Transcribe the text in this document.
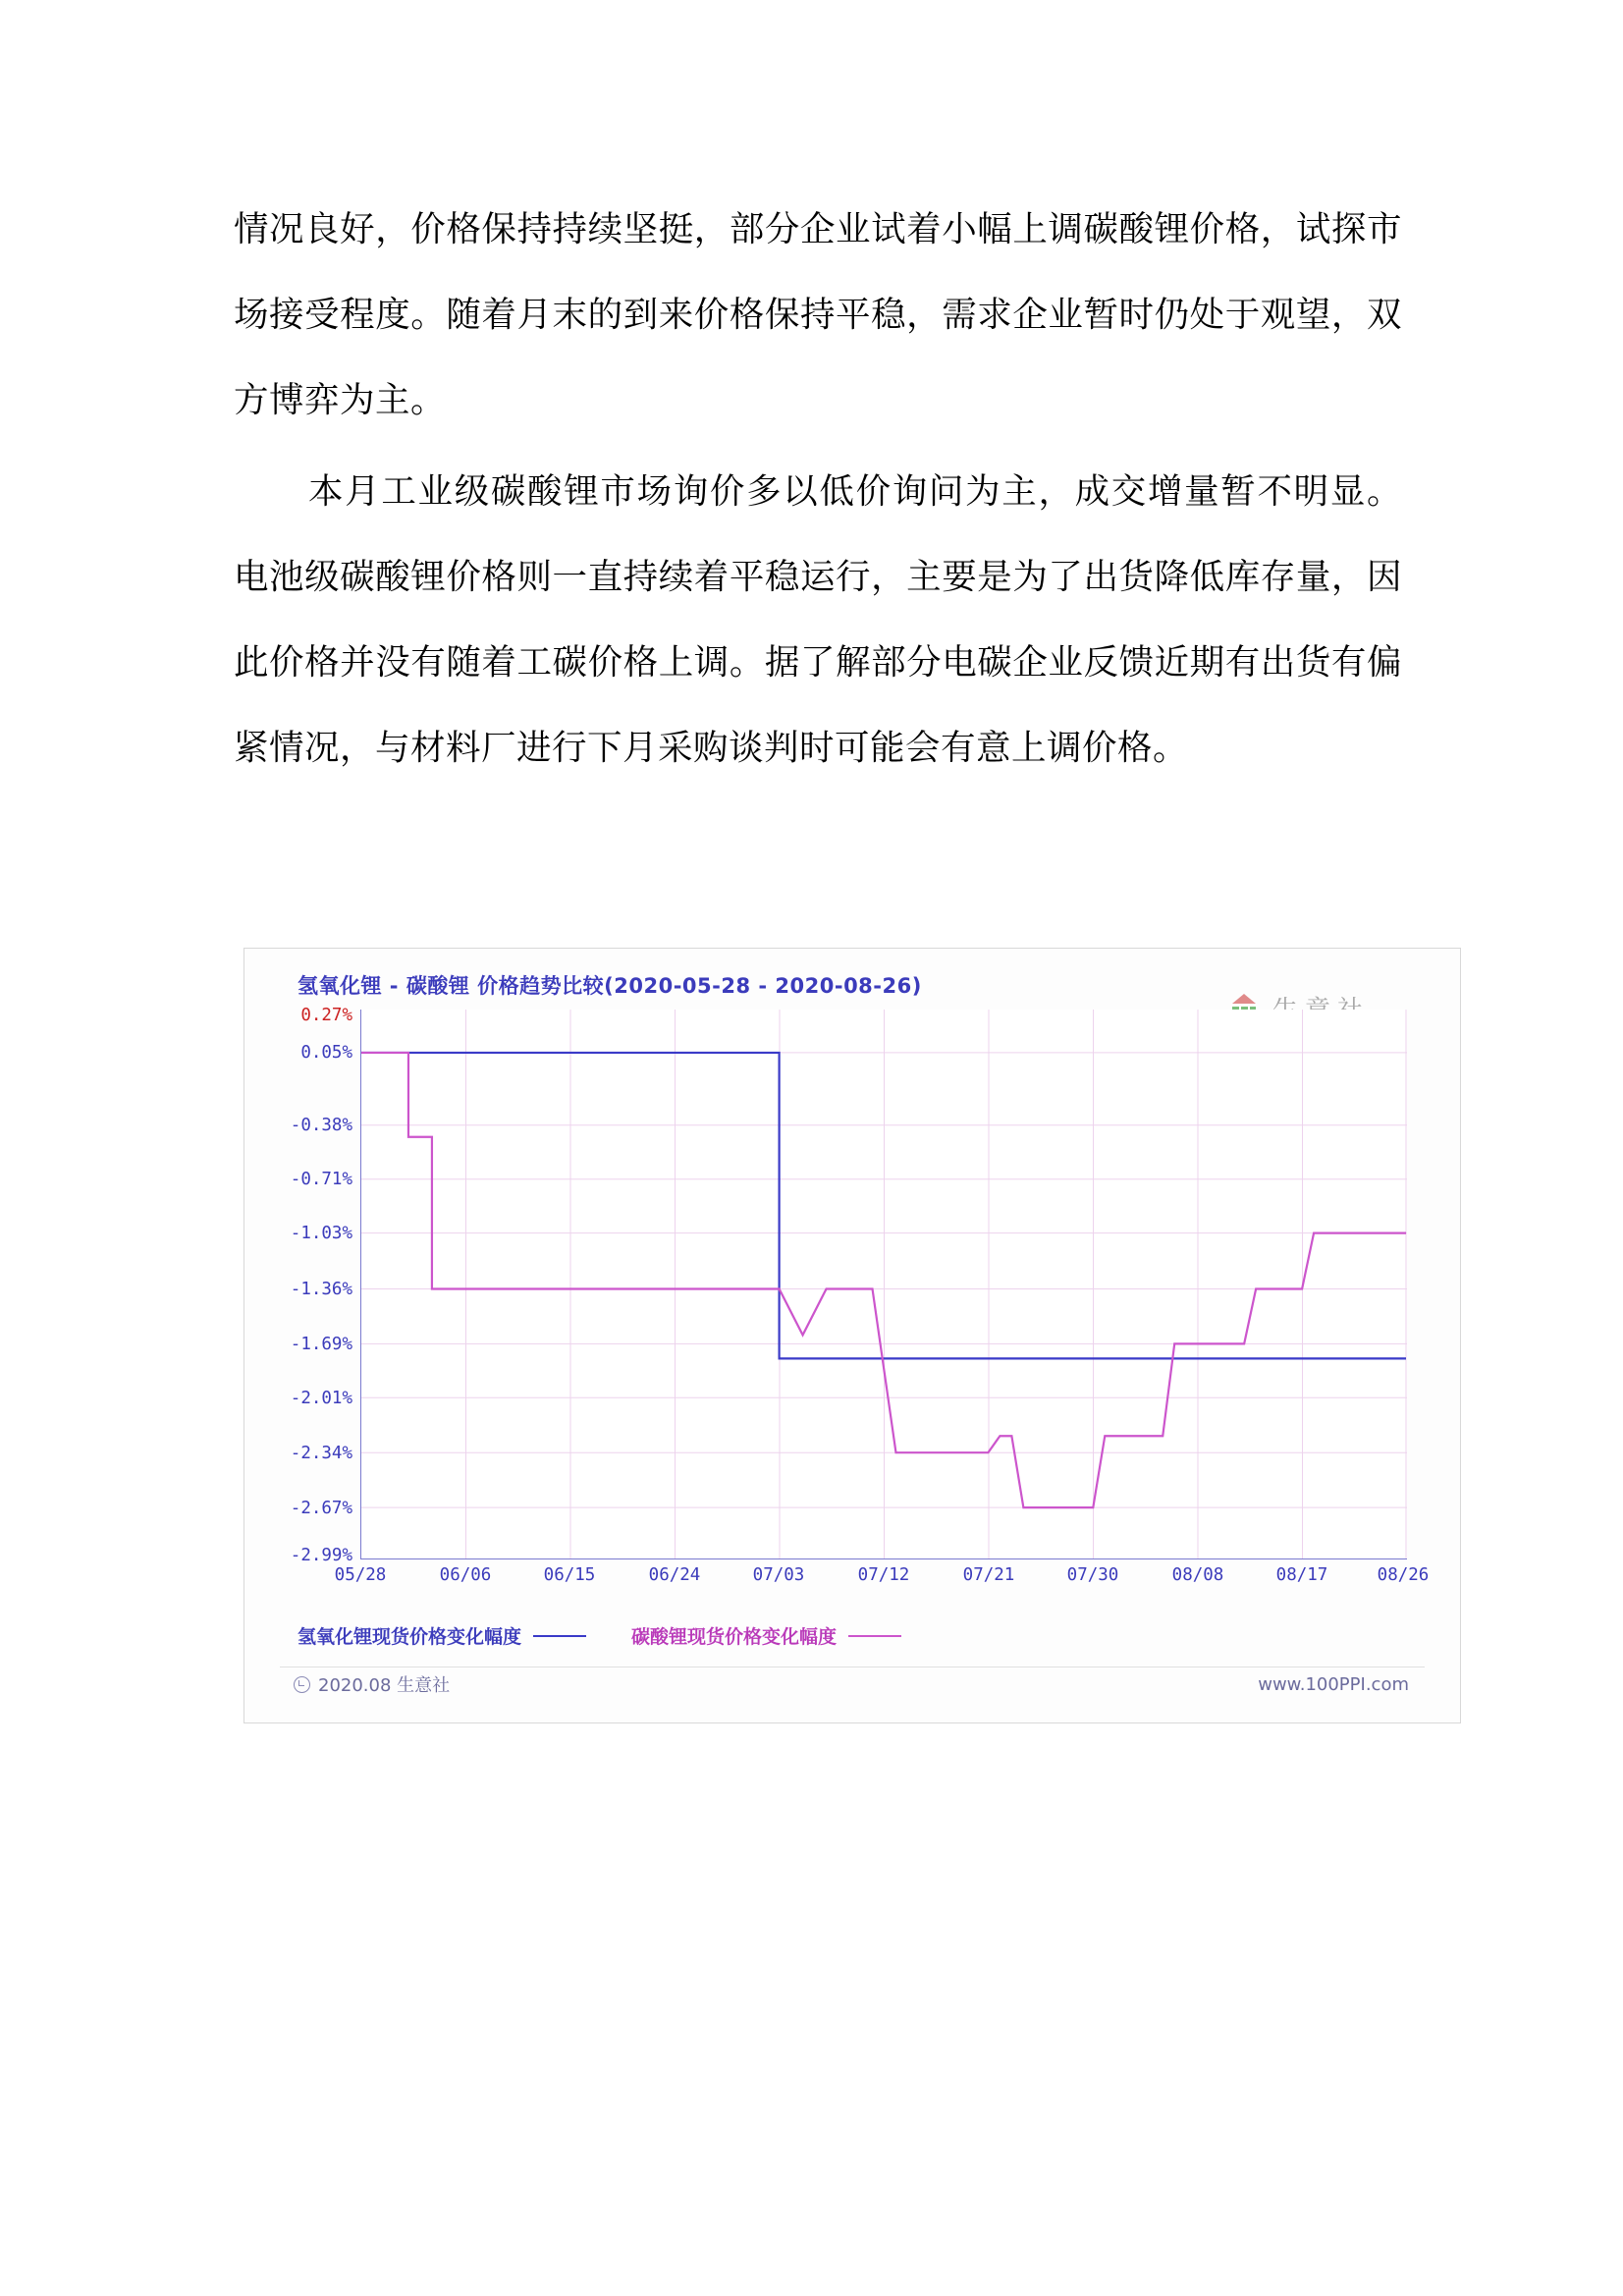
情况良好，价格保持持续坚挺，部分企业试着小幅上调碳酸锂价格，试探市场接受程度。随着月末的到来价格保持平稳，需求企业暂时仍处于观望，双方博弈为主。

本月工业级碳酸锂市场询价多以低价询问为主，成交增量暂不明显。电池级碳酸锂价格则一直持续着平稳运行，主要是为了出货降低库存量，因此价格并没有随着工碳价格上调。据了解部分电碳企业反馈近期有出货有偏紧情况，与材料厂进行下月采购谈判时可能会有意上调价格。

氢氧化锂 - 碳酸锂 价格趋势比较(2020-05-28 - 2020-08-26)
0.27%
0.05%
-0.38%
-0.71%
-1.03%
-1.36%
-1.69%
-2.01%
-2.34%
-2.67%
-2.99%
05/28	06/06	06/15	06/24	07/03	07/12	07/21	07/30	08/08	08/17	08/26
氢氧化锂现货价格变化幅度	碳酸锂现货价格变化幅度
2020.08 生意社	www.100PPI.com
